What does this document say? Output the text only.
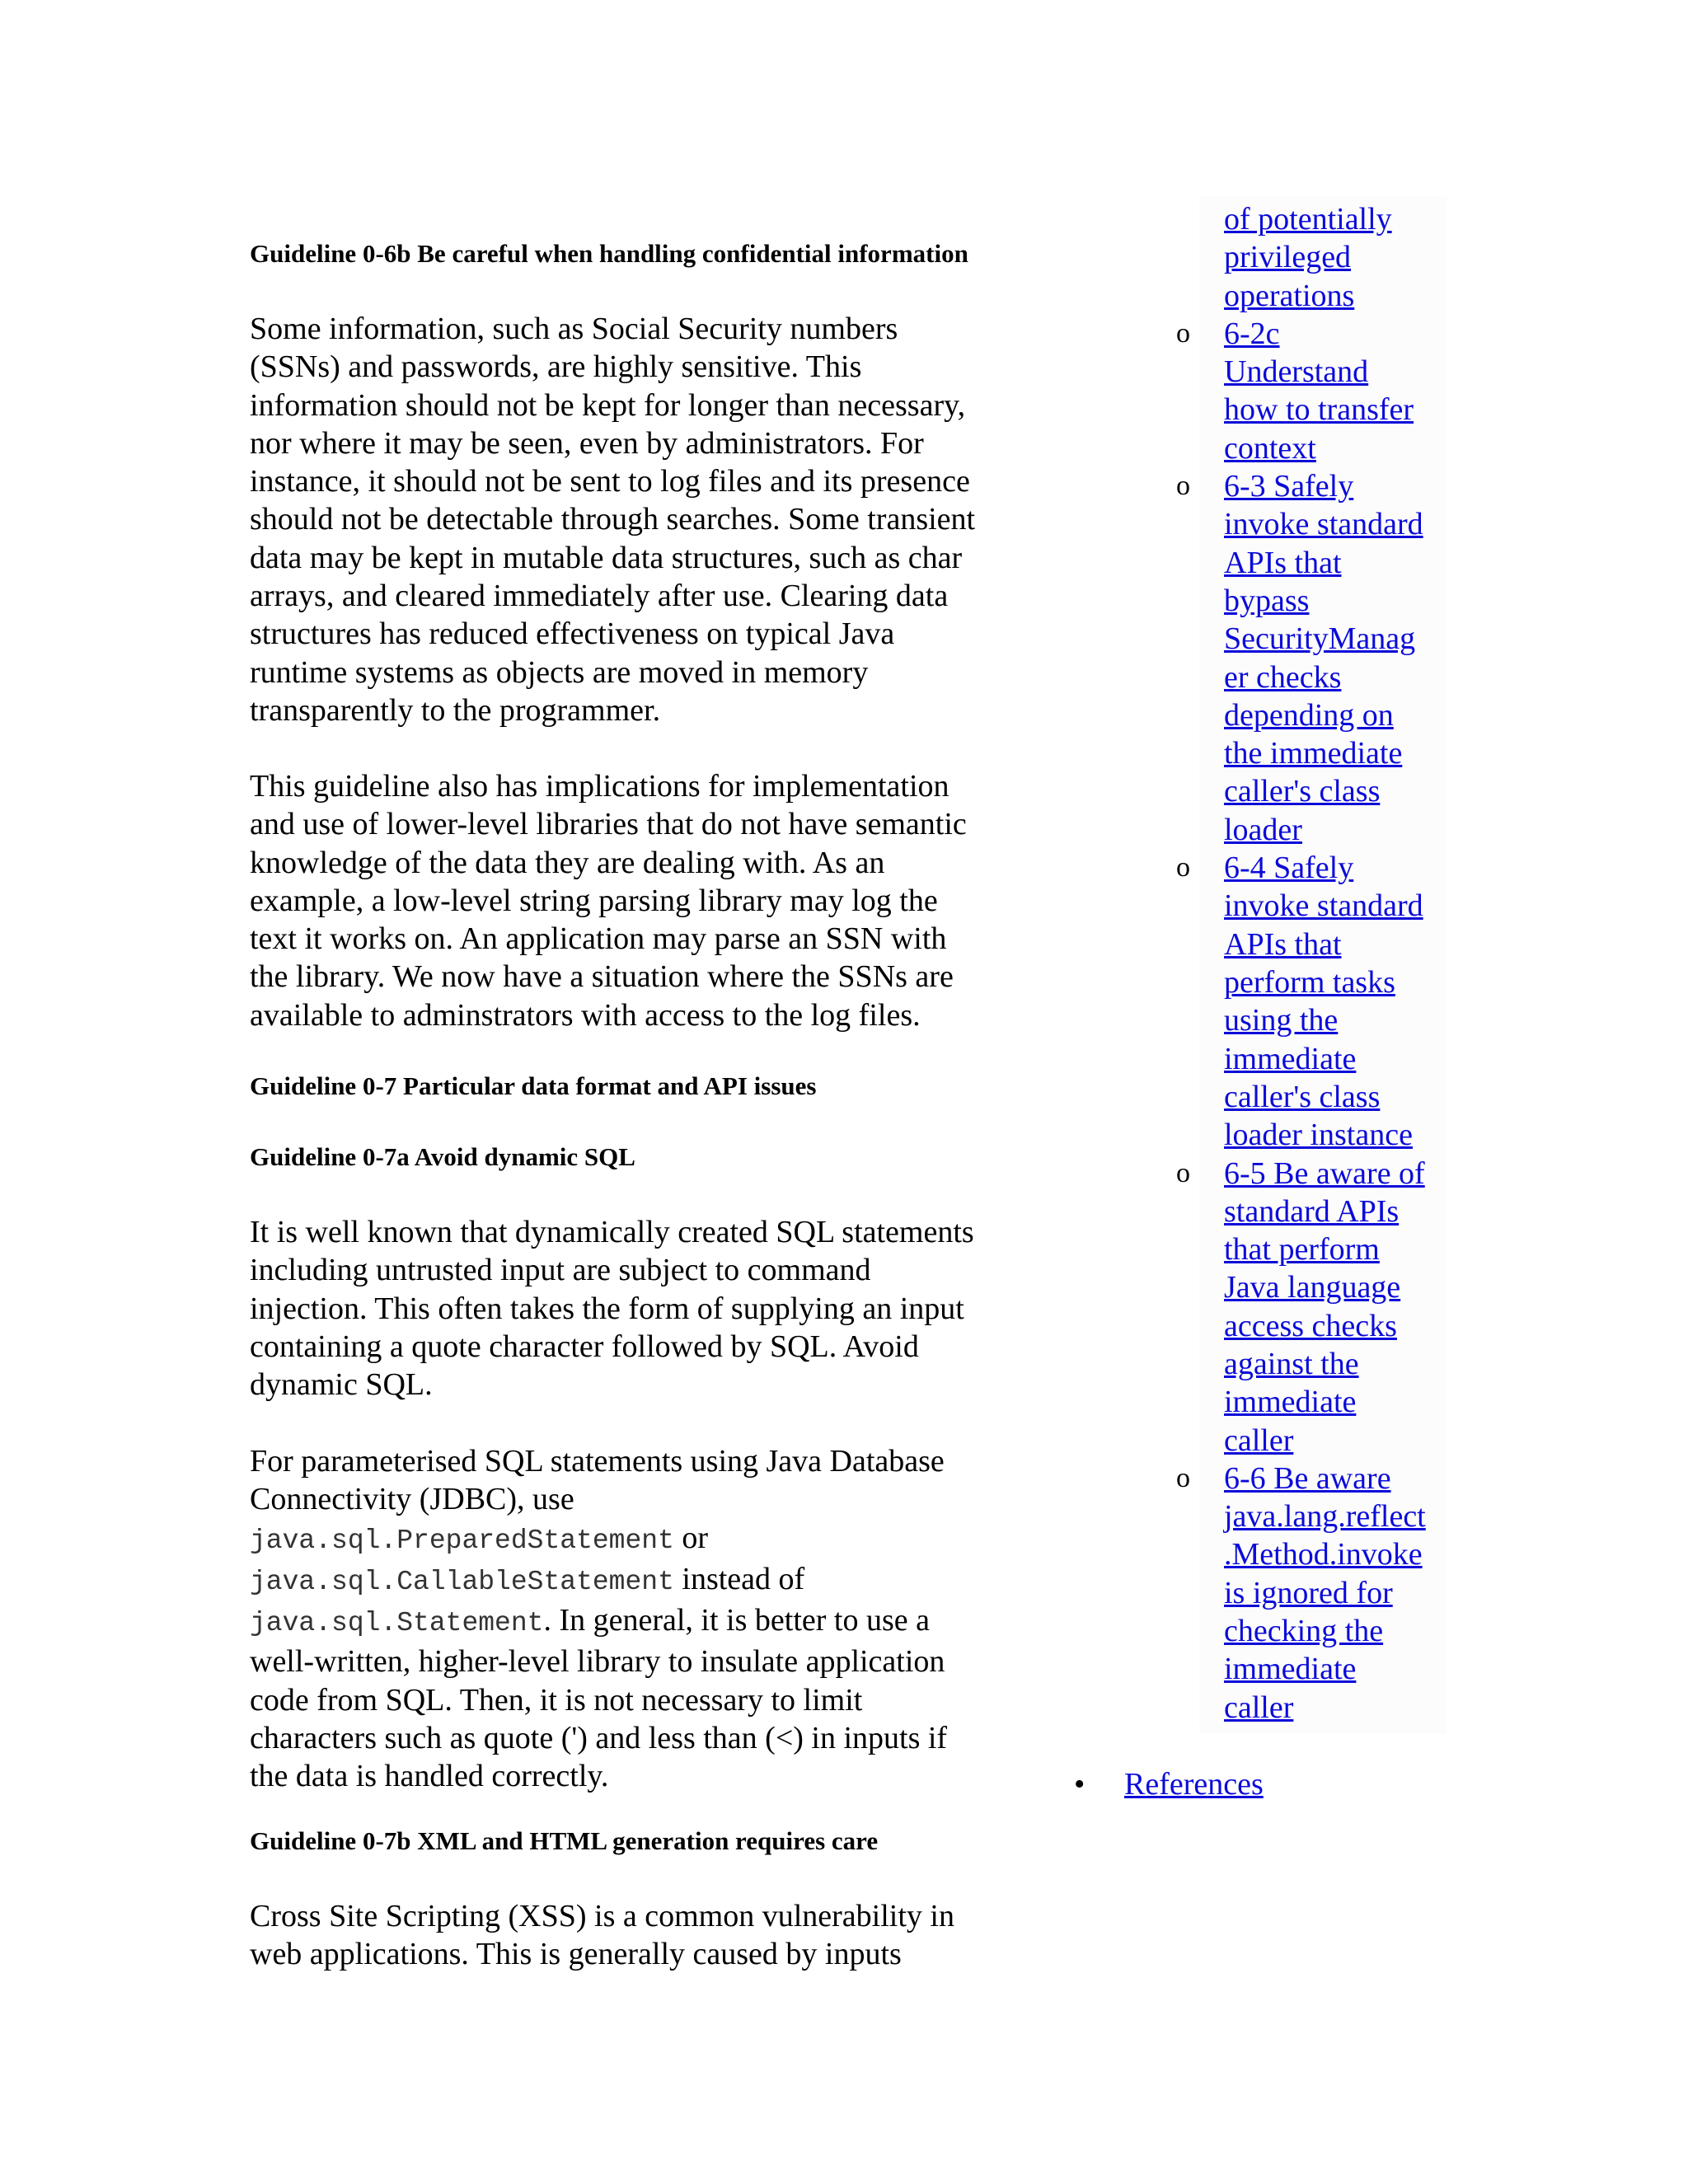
Guideline 0-6b Be careful when handling confidential information
Some information, such as Social Security numbers
(SSNs) and passwords, are highly sensitive. This
information should not be kept for longer than necessary,
nor where it may be seen, even by administrators. For
instance, it should not be sent to log files and its presence
should not be detectable through searches. Some transient
data may be kept in mutable data structures, such as char
arrays, and cleared immediately after use. Clearing data
structures has reduced effectiveness on typical Java
runtime systems as objects are moved in memory
transparently to the programmer.
This guideline also has implications for implementation
and use of lower-level libraries that do not have semantic
knowledge of the data they are dealing with. As an
example, a low-level string parsing library may log the
text it works on. An application may parse an SSN with
the library. We now have a situation where the SSNs are
available to adminstrators with access to the log files.
Guideline 0-7 Particular data format and API issues
Guideline 0-7a Avoid dynamic SQL
It is well known that dynamically created SQL statements
including untrusted input are subject to command
injection. This often takes the form of supplying an input
containing a quote character followed by SQL. Avoid
dynamic SQL.
For parameterised SQL statements using Java Database
Connectivity (JDBC), use
java.sql.PreparedStatement or
java.sql.CallableStatement instead of
java.sql.Statement. In general, it is better to use a
well-written, higher-level library to insulate application
code from SQL. Then, it is not necessary to limit
characters such as quote (') and less than (<) in inputs if
the data is handled correctly.
Guideline 0-7b XML and HTML generation requires care
Cross Site Scripting (XSS) is a common vulnerability in
web applications. This is generally caused by inputs
of potentially
privileged
operations
o 6-2c
Understand
how to transfer
context
o 6-3 Safely
invoke standard
APIs that
bypass
SecurityManag
er checks
depending on
the immediate
caller's class
loader
o 6-4 Safely
invoke standard
APIs that
perform tasks
using the
immediate
caller's class
loader instance
o 6-5 Be aware of
standard APIs
that perform
Java language
access checks
against the
immediate
caller
o 6-6 Be aware
java.lang.reflect
.Method.invoke
is ignored for
checking the
immediate
caller
• References
